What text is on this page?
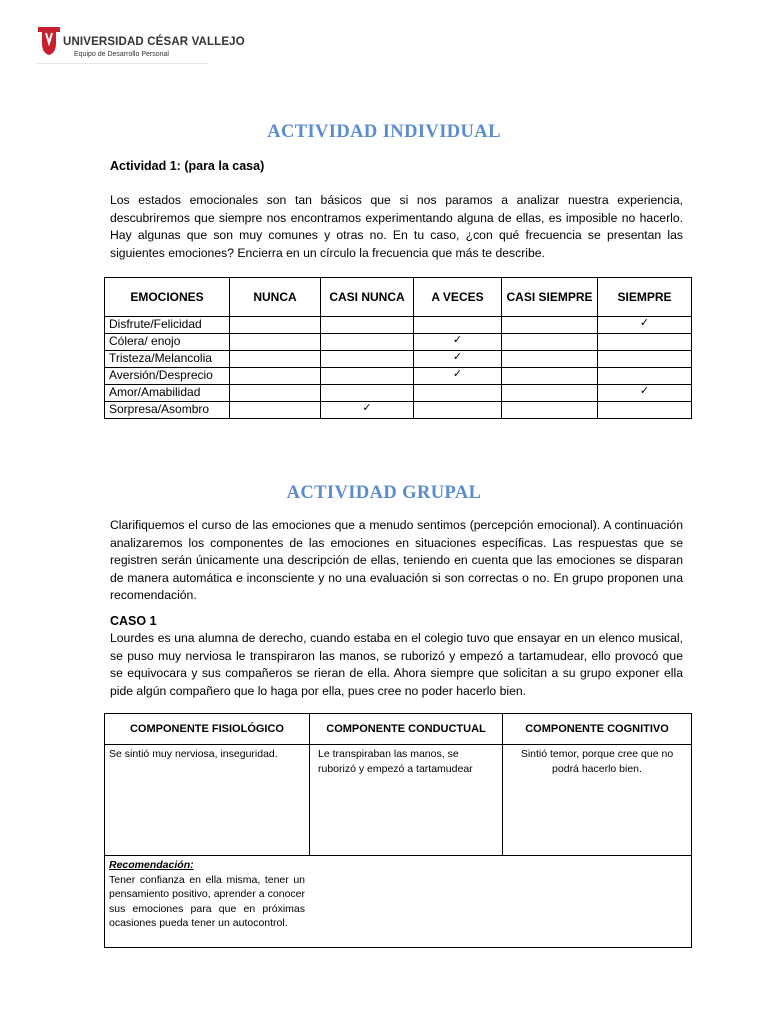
UNIVERSIDAD CÉSAR VALLEJO
Equipo de Desarrollo Personal
ACTIVIDAD INDIVIDUAL
Actividad 1: (para la casa)
Los estados emocionales son tan básicos que si nos paramos a analizar nuestra experiencia, descubriremos que siempre nos encontramos experimentando alguna de ellas, es imposible no hacerlo. Hay algunas que son muy comunes y otras no. En tu caso, ¿con qué frecuencia se presentan las siguientes emociones? Encierra en un círculo la frecuencia que más te describe.
EMOCIONES	NUNCA	CASI NUNCA	A VECES	CASI SIEMPRE	SIEMPRE
Disfrute/Felicidad					✓
Cólera/ enojo			✓		
Tristeza/Melancolia			✓		
Aversión/Desprecio			✓		
Amor/Amabilidad					✓
Sorpresa/Asombro		✓			
ACTIVIDAD GRUPAL
Clarifiquemos el curso de las emociones que a menudo sentimos (percepción emocional). A continuación analizaremos los componentes de las emociones en situaciones específicas. Las respuestas que se registren serán únicamente una descripción de ellas, teniendo en cuenta que las emociones se disparan de manera automática e inconsciente y no una evaluación si son correctas o no. En grupo proponen una recomendación.
CASO 1
Lourdes es una alumna de derecho, cuando estaba en el colegio tuvo que ensayar en un elenco musical, se puso muy nerviosa le transpiraron las manos, se ruborizó y empezó a tartamudear, ello provocó que se equivocara y sus compañeros se rieran de ella. Ahora siempre que solicitan a su grupo exponer ella pide algún compañero que lo haga por ella, pues cree no poder hacerlo bien.
COMPONENTE FISIOLÓGICO	COMPONENTE CONDUCTUAL	COMPONENTE COGNITIVO
Se sintió muy nerviosa, inseguridad.	Le transpiraban las manos, se ruborizó y empezó a tartamudear	Sintió temor, porque cree que no podrá hacerlo bien.

Recomendación:
Tener confianza en ella misma, tener un pensamiento positivo, aprender a conocer sus emociones para que en próximas ocasiones pueda tener un autocontrol.		
